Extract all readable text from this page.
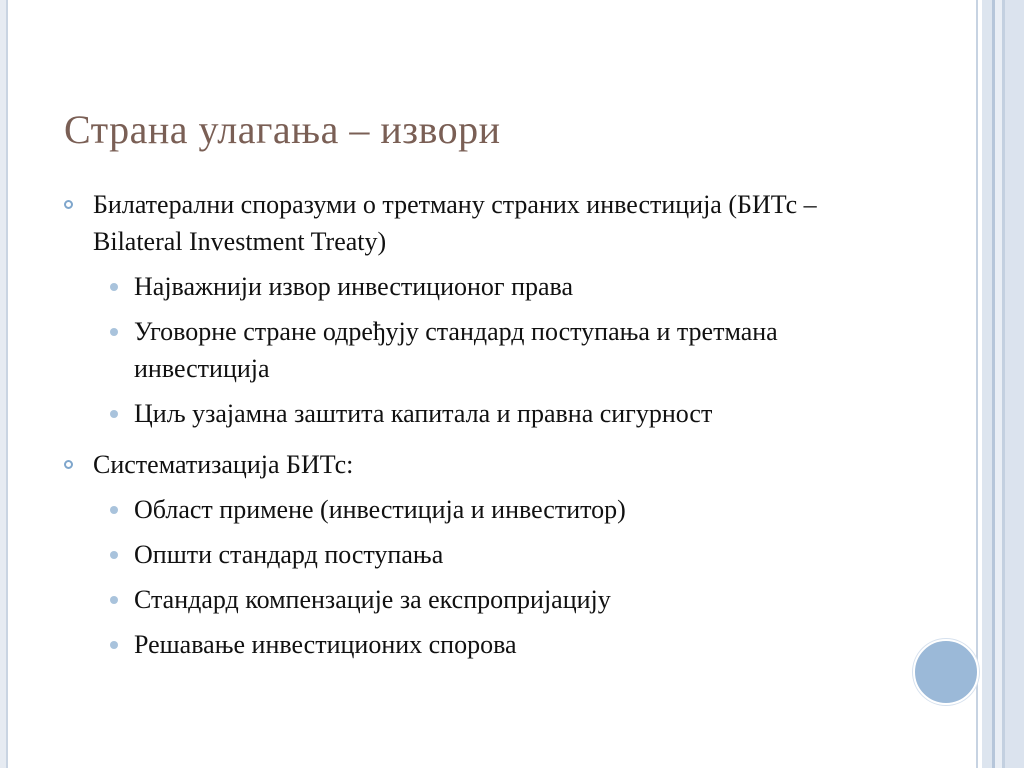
Страна улагања – извори
Билатерални споразуми о третману страних инвестиција (БИТс – Bilateral Investment Treaty)
Најважнији извор инвестиционог права
Уговорне стране одређују стандард поступања и третмана инвестиција
Циљ узајамна заштита капитала и правна сигурност
Систематизација БИТс:
Област примене (инвестиција и инвеститор)
Општи стандард поступања
Стандард компензације за експропријацију
Решавање инвестиционих спорова
